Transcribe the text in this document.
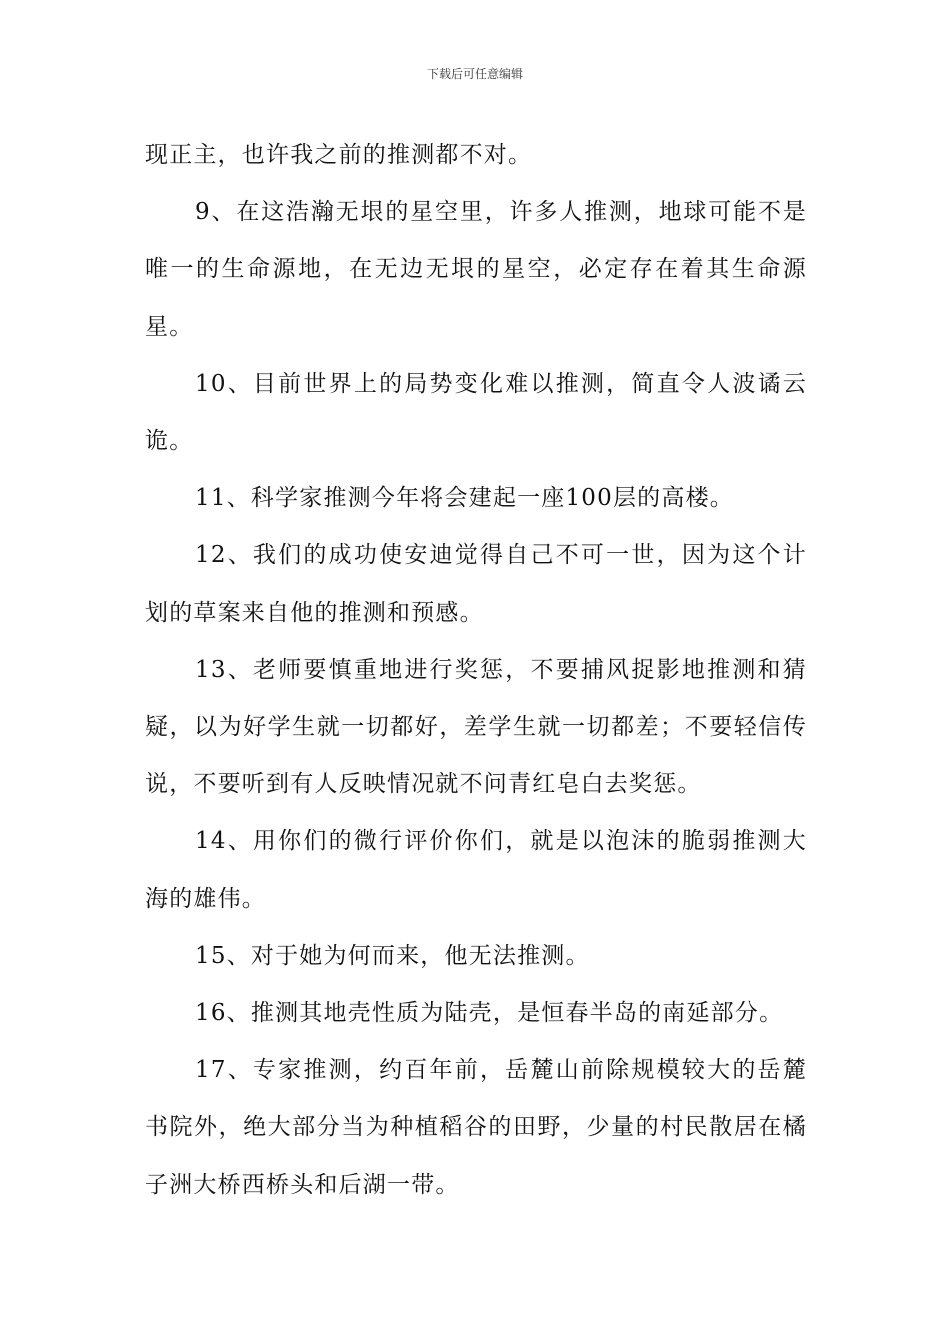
下载后可任意编辑

现正主，也许我之前的推测都不对。

9、在这浩瀚无垠的星空里，许多人推测，地球可能不是唯一的生命源地，在无边无垠的星空，必定存在着其生命源星。

10、目前世界上的局势变化难以推测，简直令人波谲云诡。

11、科学家推测今年将会建起一座100层的高楼。

12、我们的成功使安迪觉得自己不可一世，因为这个计划的草案来自他的推测和预感。

13、老师要慎重地进行奖惩，不要捕风捉影地推测和猜疑，以为好学生就一切都好，差学生就一切都差；不要轻信传说，不要听到有人反映情况就不问青红皂白去奖惩。

14、用你们的微行评价你们，就是以泡沫的脆弱推测大海的雄伟。

15、对于她为何而来，他无法推测。

16、推测其地壳性质为陆壳，是恒春半岛的南延部分。

17、专家推测，约百年前，岳麓山前除规模较大的岳麓书院外，绝大部分当为种植稻谷的田野，少量的村民散居在橘子洲大桥西桥头和后湖一带。
